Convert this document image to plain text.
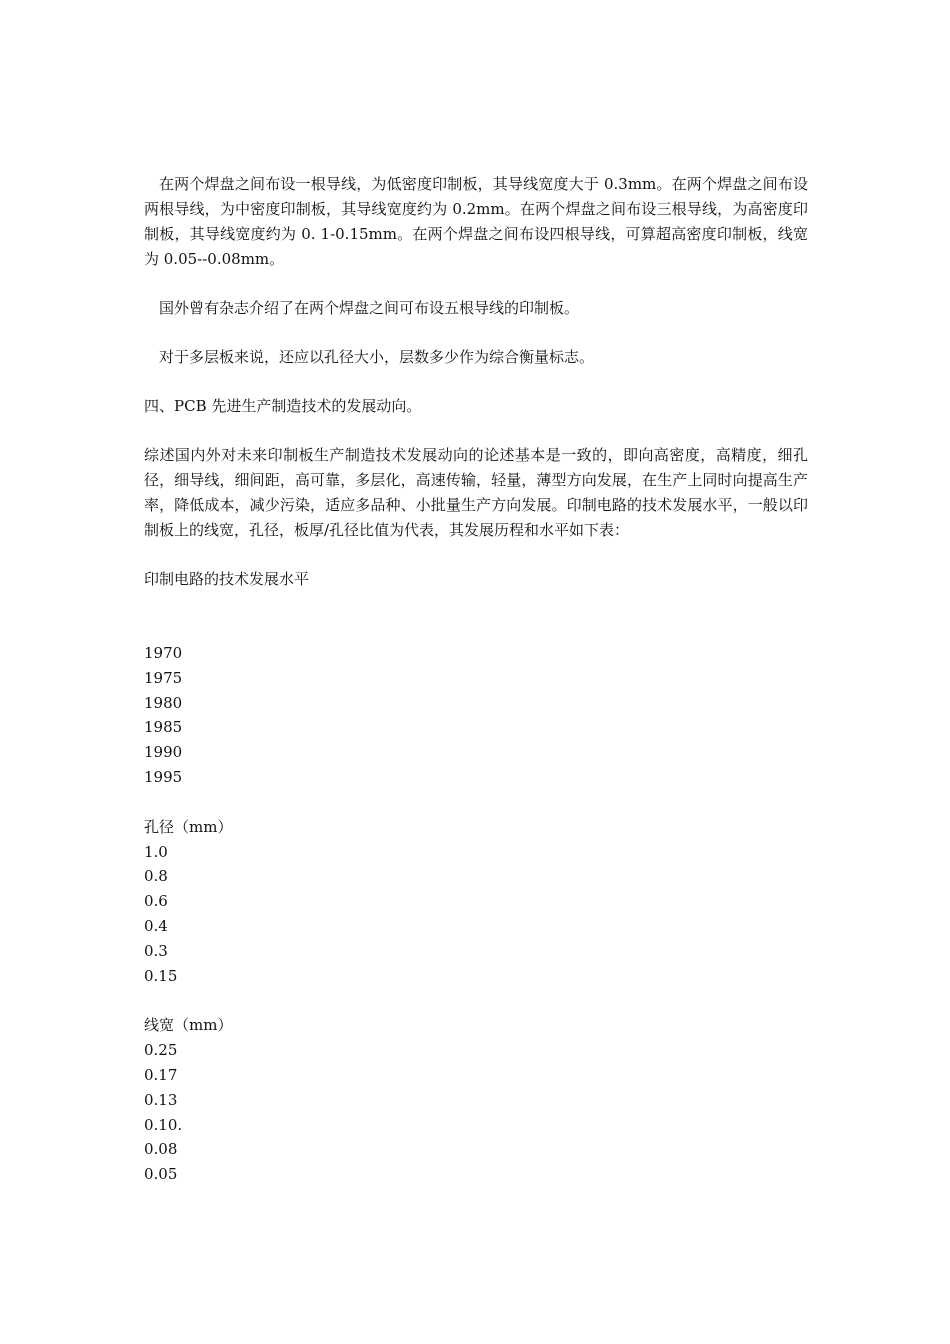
在两个焊盘之间布设一根导线，为低密度印制板，其导线宽度大于 0.3mm。在两个焊盘之间布设两根导线，为中密度印制板，其导线宽度约为 0.2mm。在两个焊盘之间布设三根导线，为高密度印制板，其导线宽度约为 0. 1-0.15mm。在两个焊盘之间布设四根导线，可算超高密度印制板，线宽为 0.05--0.08mm。

国外曾有杂志介绍了在两个焊盘之间可布设五根导线的印制板。

对于多层板来说，还应以孔径大小，层数多少作为综合衡量标志。

四、PCB 先进生产制造技术的发展动向。

综述国内外对未来印制板生产制造技术发展动向的论述基本是一致的，即向高密度，高精度，细孔径，细导线，细间距，高可靠，多层化，高速传输，轻量，薄型方向发展，在生产上同时向提高生产率，降低成本，减少污染，适应多品种、小批量生产方向发展。印制电路的技术发展水平，一般以印制板上的线宽，孔径，板厚/孔径比值为代表，其发展历程和水平如下表：

印制电路的技术发展水平

1970
1975
1980
1985
1990
1995
孔径（mm）
1.0
0.8
0.6
0.4
0.3
0.15
线宽（mm）
0.25
0.17
0.13
0.10.
0.08
0.05
